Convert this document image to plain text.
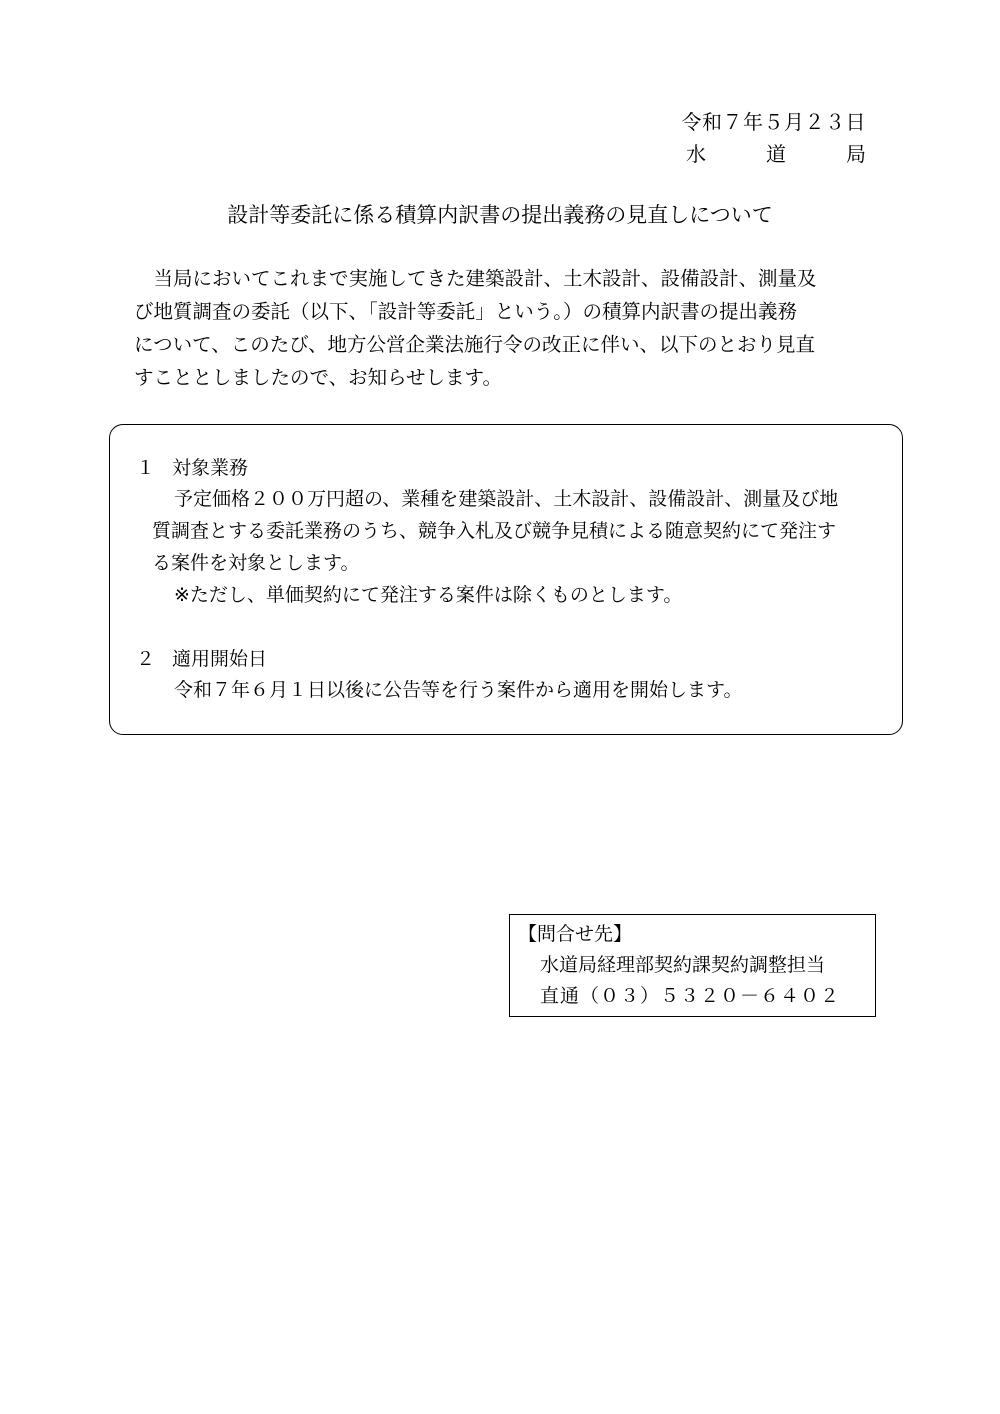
令和７年５月２３日
水	道	局
設計等委託に係る積算内訳書の提出義務の見直しについて
　当局においてこれまで実施してきた建築設計、土木設計、設備設計、測量及
び地質調査の委託（以下、「設計等委託」という。）の積算内訳書の提出義務
について、このたび、地方公営企業法施行令の改正に伴い、以下のとおり見直
すこととしましたので、お知らせします。
１ 対象業務
予定価格２００万円超の、業種を建築設計、土木設計、設備設計、測量及び地
質調査とする委託業務のうち、競争入札及び競争見積による随意契約にて発注す
る案件を対象とします。
※ただし、単価契約にて発注する案件は除くものとします。
２ 適用開始日
令和７年６月１日以後に公告等を行う案件から適用を開始します。
【問合せ先】
水道局経理部契約課契約調整担当
直通（０３）５３２０－６４０２
